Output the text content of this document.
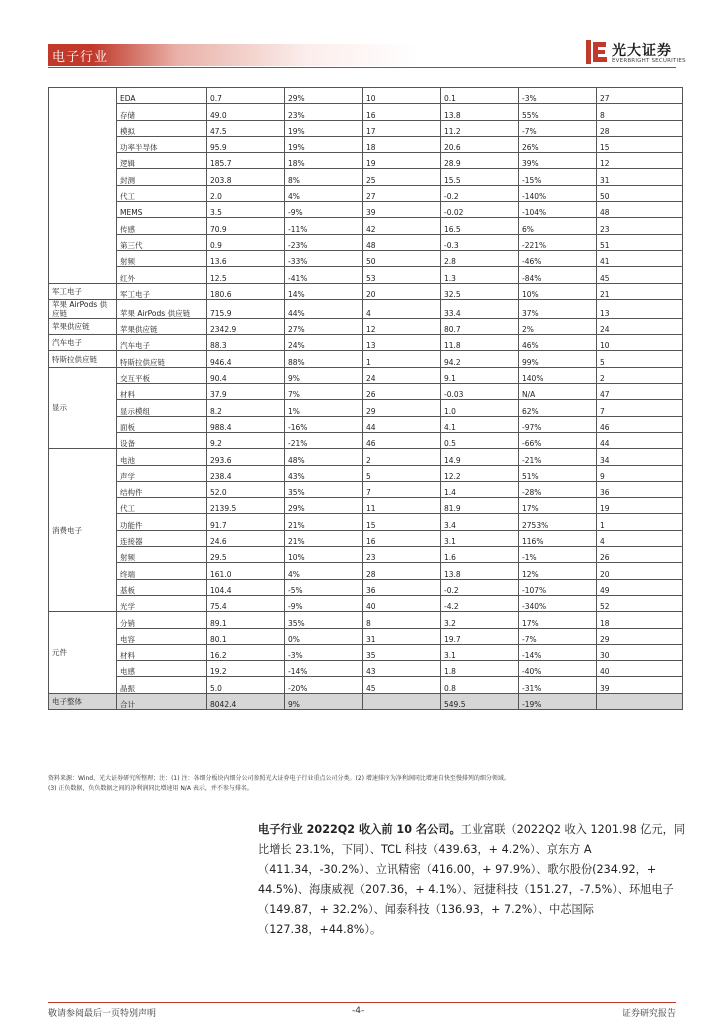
电子行业	光大证券
EVERBRIGHT SECURITIES
	EDA	0.7	29%	10	0.1	-3%	27
	存储	49.0	23%	16	13.8	55%	8
	模拟	47.5	19%	17	11.2	-7%	28
	功率半导体	95.9	19%	18	20.6	26%	15
	逻辑	185.7	18%	19	28.9	39%	12
	封测	203.8	8%	25	15.5	-15%	31
	代工	2.0	4%	27	-0.2	-140%	50
	MEMS	3.5	-9%	39	-0.02	-104%	48
	传感	70.9	-11%	42	16.5	6%	23
	第三代	0.9	-23%	48	-0.3	-221%	51
	射频	13.6	-33%	50	2.8	-46%	41
	红外	12.5	-41%	53	1.3	-84%	45
军工电子	军工电子	180.6	14%	20	32.5	10%	21
苹果 AirPods 供应链	苹果 AirPods 供应链	715.9	44%	4	33.4	37%	13
苹果供应链	苹果供应链	2342.9	27%	12	80.7	2%	24
汽车电子	汽车电子	88.3	24%	13	11.8	46%	10
特斯拉供应链	特斯拉供应链	946.4	88%	1	94.2	99%	5
显示	交互平板	90.4	9%	24	9.1	140%	2
	材料	37.9	7%	26	-0.03	N/A	47
	显示模组	8.2	1%	29	1.0	62%	7
	面板	988.4	-16%	44	4.1	-97%	46
	设备	9.2	-21%	46	0.5	-66%	44
消费电子	电池	293.6	48%	2	14.9	-21%	34
	声学	238.4	43%	5	12.2	51%	9
	结构件	52.0	35%	7	1.4	-28%	36
	代工	2139.5	29%	11	81.9	17%	19
	功能件	91.7	21%	15	3.4	2753%	1
	连接器	24.6	21%	16	3.1	116%	4
	射频	29.5	10%	23	1.6	-1%	26
	终端	161.0	4%	28	13.8	12%	20
	基板	104.4	-5%	36	-0.2	-107%	49
	光学	75.4	-9%	40	-4.2	-340%	52
元件	分销	89.1	35%	8	3.2	17%	18
	电容	80.1	0%	31	19.7	-7%	29
	材料	16.2	-3%	35	3.1	-14%	30
	电感	19.2	-14%	43	1.8	-40%	40
	晶振	5.0	-20%	45	0.8	-31%	39
电子整体	合计	8042.4	9%		549.5	-19%	
资料来源：Wind、光大证券研究所整理；注：(1) 注：各细分板块内细分公司参照光大证券电子行业重点公司分类。(2) 增速排序为净利润同比增速自快至慢排列的细分领域。
(3) 正负数据，负负数据之间的净利润同比增速用 N/A 表示，并不参与排名。
电子行业 2022Q2 收入前 10 名公司。工业富联（2022Q2 收入 1201.98 亿元，同比增长 23.1%，下同）、TCL 科技（439.63，+ 4.2%）、京东方 A（411.34，-30.2%）、立讯精密（416.00，+ 97.9%）、歌尔股份(234.92，+ 44.5%)、海康威视（207.36，+ 4.1%）、冠捷科技（151.27，-7.5%）、环旭电子（149.87，+ 32.2%）、闻泰科技（136.93，+ 7.2%）、中芯国际（127.38，+44.8%）。
敬请参阅最后一页特别声明	-4-	证券研究报告
